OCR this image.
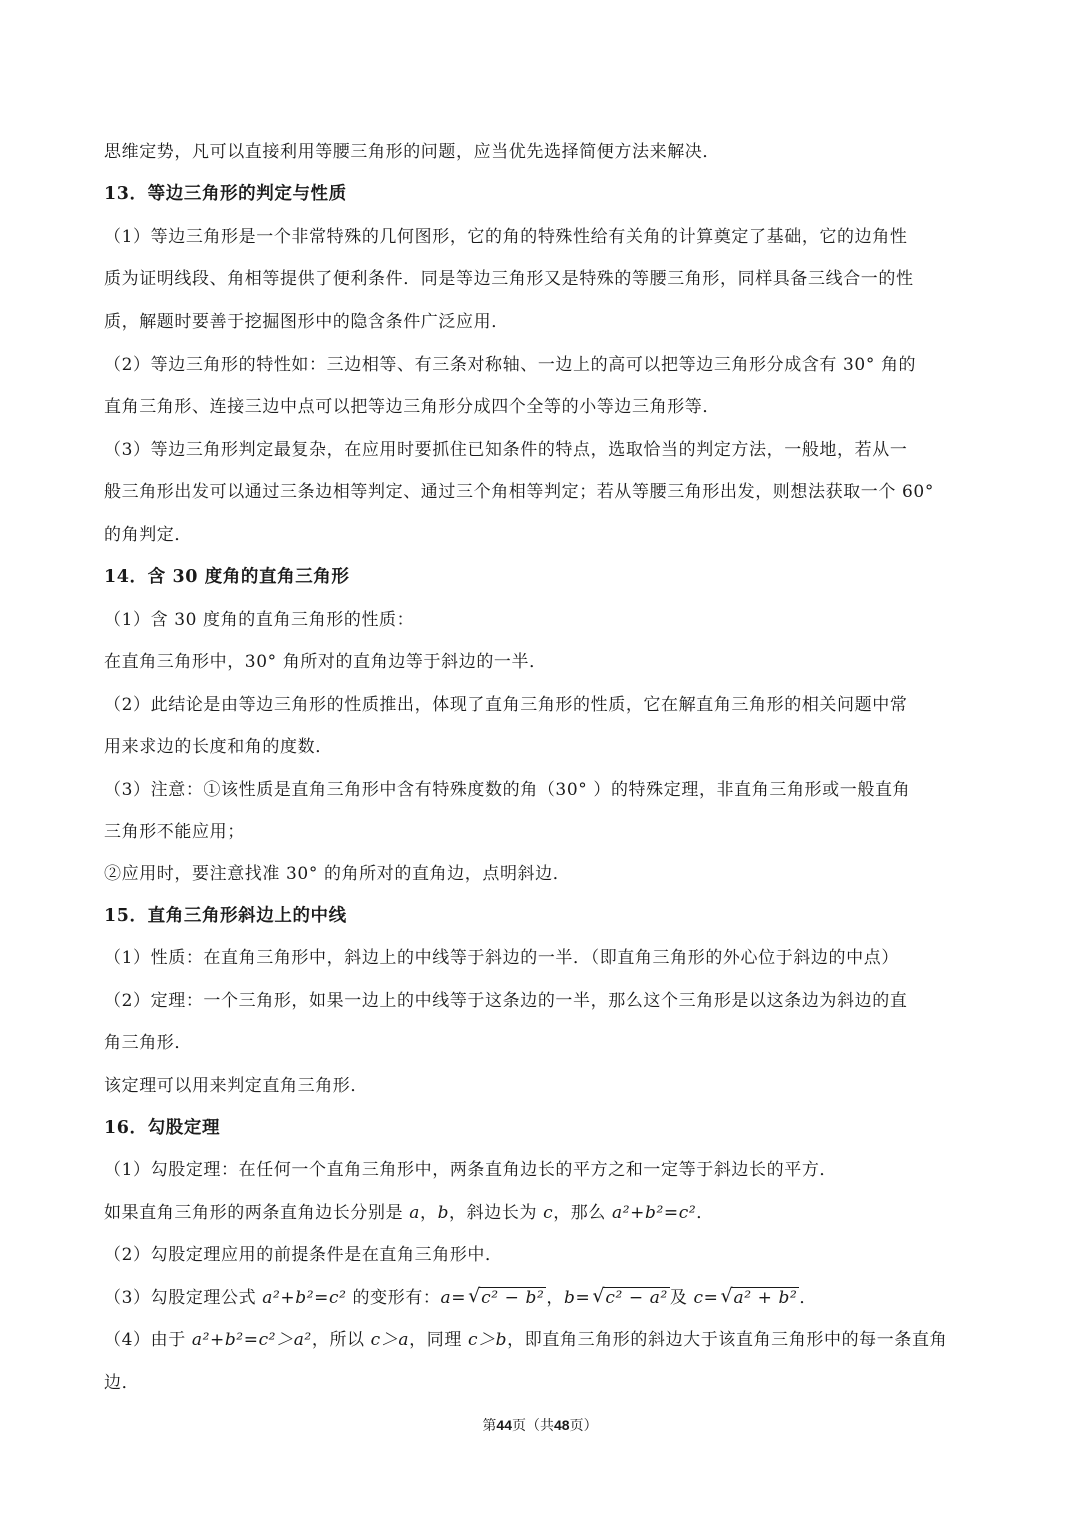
思维定势，凡可以直接利用等腰三角形的问题，应当优先选择简便方法来解决．
13．等边三角形的判定与性质
（1）等边三角形是一个非常特殊的几何图形，它的角的特殊性给有关角的计算奠定了基础，它的边角性
质为证明线段、角相等提供了便利条件．同是等边三角形又是特殊的等腰三角形，同样具备三线合一的性
质，解题时要善于挖掘图形中的隐含条件广泛应用．
（2）等边三角形的特性如：三边相等、有三条对称轴、一边上的高可以把等边三角形分成含有 30° 角的
直角三角形、连接三边中点可以把等边三角形分成四个全等的小等边三角形等．
（3）等边三角形判定最复杂，在应用时要抓住已知条件的特点，选取恰当的判定方法，一般地，若从一
般三角形出发可以通过三条边相等判定、通过三个角相等判定；若从等腰三角形出发，则想法获取一个 60°
的角判定．
14．含 30 度角的直角三角形
（1）含 30 度角的直角三角形的性质：
在直角三角形中，30° 角所对的直角边等于斜边的一半．
（2）此结论是由等边三角形的性质推出，体现了直角三角形的性质，它在解直角三角形的相关问题中常
用来求边的长度和角的度数．
（3）注意：①该性质是直角三角形中含有特殊度数的角（30° ）的特殊定理，非直角三角形或一般直角
三角形不能应用；
②应用时，要注意找准 30° 的角所对的直角边，点明斜边．
15．直角三角形斜边上的中线
（1）性质：在直角三角形中，斜边上的中线等于斜边的一半．（即直角三角形的外心位于斜边的中点）
（2）定理：一个三角形，如果一边上的中线等于这条边的一半，那么这个三角形是以这条边为斜边的直
角三角形．
该定理可以用来判定直角三角形．
16．勾股定理
（1）勾股定理：在任何一个直角三角形中，两条直角边长的平方之和一定等于斜边长的平方．
如果直角三角形的两条直角边长分别是 a，b，斜边长为 c，那么 a²+b²=c²．
（2）勾股定理应用的前提条件是在直角三角形中．
（3）勾股定理公式 a²+b²=c² 的变形有：a= √ c² − b² ，b= √ c² − a² 及 c= √ a² + b² ．
（4）由于 a²+b²=c²＞a²，所以 c＞a，同理 c＞b，即直角三角形的斜边大于该直角三角形中的每一条直角
边．
第44页（共48页）
